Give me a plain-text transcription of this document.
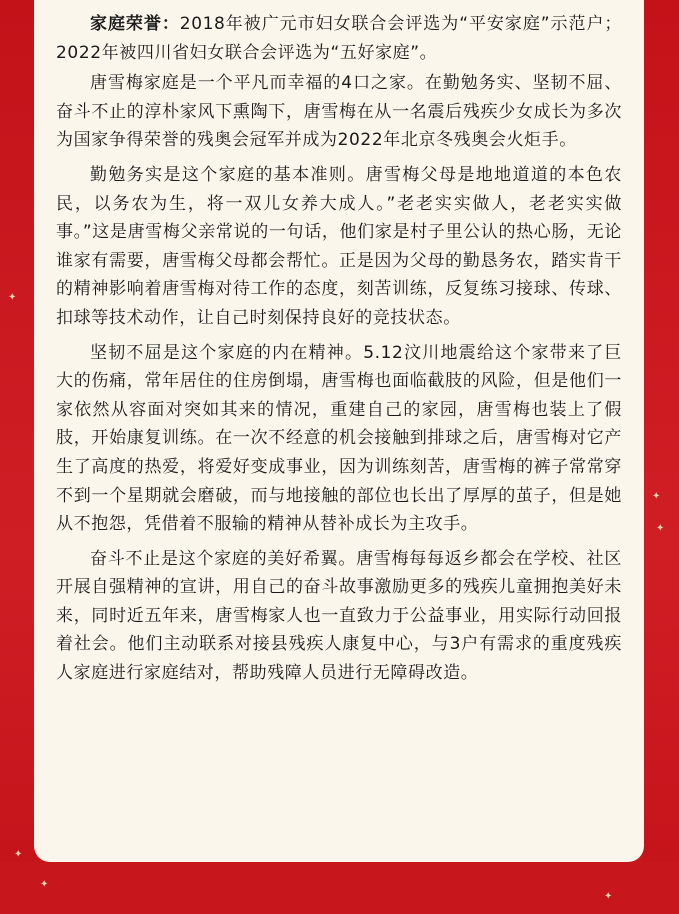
✦
✦
✦
✦
✦
✦

家庭荣誉：2018年被广元市妇女联合会评选为“平安家庭”示范户；2022年被四川省妇女联合会评选为“五好家庭”。

唐雪梅家庭是一个平凡而幸福的4口之家。在勤勉务实、坚韧不屈、奋斗不止的淳朴家风下熏陶下，唐雪梅在从一名震后残疾少女成长为多次为国家争得荣誉的残奥会冠军并成为2022年北京冬残奥会火炬手。

勤勉务实是这个家庭的基本准则。唐雪梅父母是地地道道的本色农民，以务农为生，将一双儿女养大成人。”老老实实做人，老老实实做事。”这是唐雪梅父亲常说的一句话，他们家是村子里公认的热心肠，无论谁家有需要，唐雪梅父母都会帮忙。正是因为父母的勤恳务农，踏实肯干的精神影响着唐雪梅对待工作的态度，刻苦训练，反复练习接球、传球、扣球等技术动作，让自己时刻保持良好的竞技状态。

坚韧不屈是这个家庭的内在精神。5.12汶川地震给这个家带来了巨大的伤痛，常年居住的住房倒塌，唐雪梅也面临截肢的风险，但是他们一家依然从容面对突如其来的情况，重建自己的家园，唐雪梅也装上了假肢，开始康复训练。在一次不经意的机会接触到排球之后，唐雪梅对它产生了高度的热爱，将爱好变成事业，因为训练刻苦，唐雪梅的裤子常常穿不到一个星期就会磨破，而与地接触的部位也长出了厚厚的茧子，但是她从不抱怨，凭借着不服输的精神从替补成长为主攻手。

奋斗不止是这个家庭的美好希翼。唐雪梅每每返乡都会在学校、社区开展自强精神的宣讲，用自己的奋斗故事激励更多的残疾儿童拥抱美好未来，同时近五年来，唐雪梅家人也一直致力于公益事业，用实际行动回报着社会。他们主动联系对接县残疾人康复中心，与3户有需求的重度残疾人家庭进行家庭结对，帮助残障人员进行无障碍改造。
